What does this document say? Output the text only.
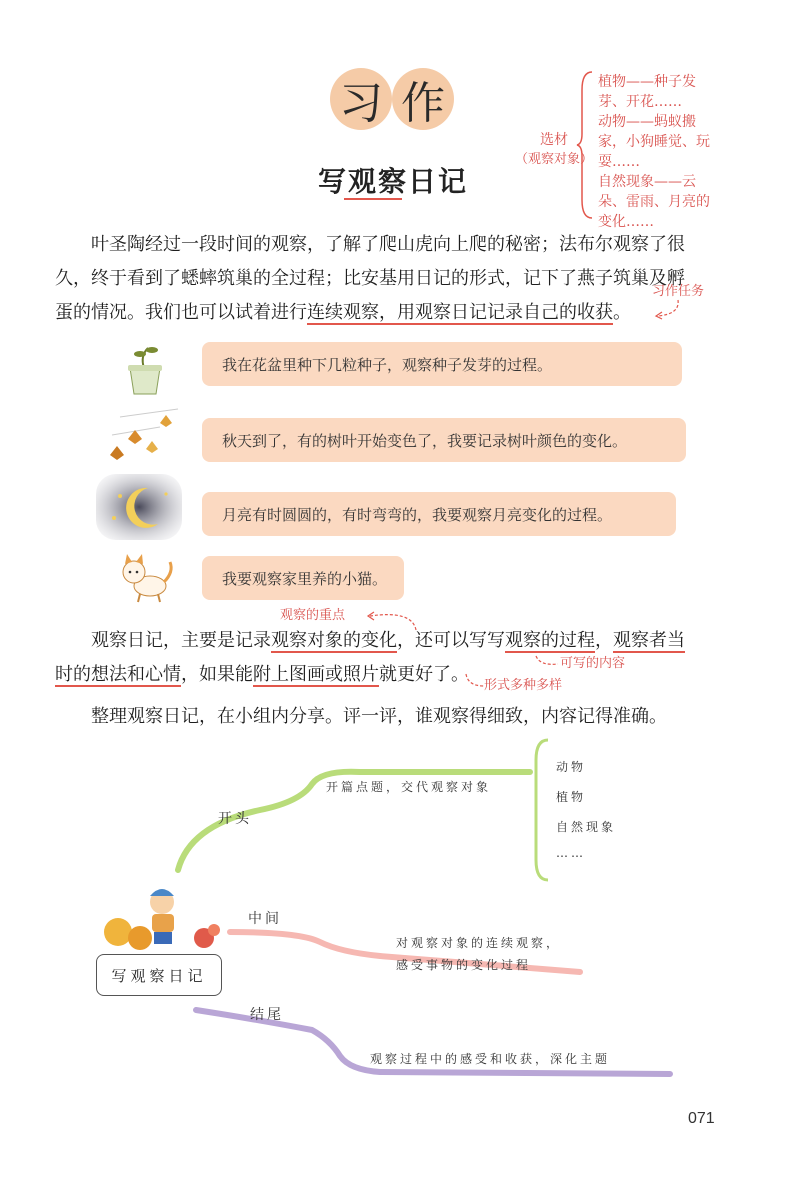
习 作
写观察日记
选材
（观察对象）
植物——种子发
芽、开花……
动物——蚂蚁搬
家，小狗睡觉、玩
耍……
自然现象——云
朵、雷雨、月亮的
变化……
叶圣陶经过一段时间的观察，了解了爬山虎向上爬的秘密；法布尔观察了很
久，终于看到了蟋蟀筑巢的全过程；比安基用日记的形式，记下了燕子筑巢及孵
蛋的情况。我们也可以试着进行连续观察，用观察日记记录自己的收获。
习作任务
我在花盆里种下几粒种子，观察种子发芽的过程。
秋天到了，有的树叶开始变色了，我要记录树叶颜色的变化。
月亮有时圆圆的，有时弯弯的，我要观察月亮变化的过程。
我要观察家里养的小猫。
观察的重点
观察日记，主要是记录观察对象的变化，还可以写写观察的过程，观察者当
时的想法和心情，如果能附上图画或照片就更好了。
整理观察日记，在小组内分享。评一评，谁观察得细致，内容记得准确。
可写的内容
形式多种多样
开篇点题，交代观察对象
开头
动物
植物
自然现象
……
中间
对观察对象的连续观察，
感受事物的变化过程
结尾
观察过程中的感受和收获，深化主题
写观察日记
071
